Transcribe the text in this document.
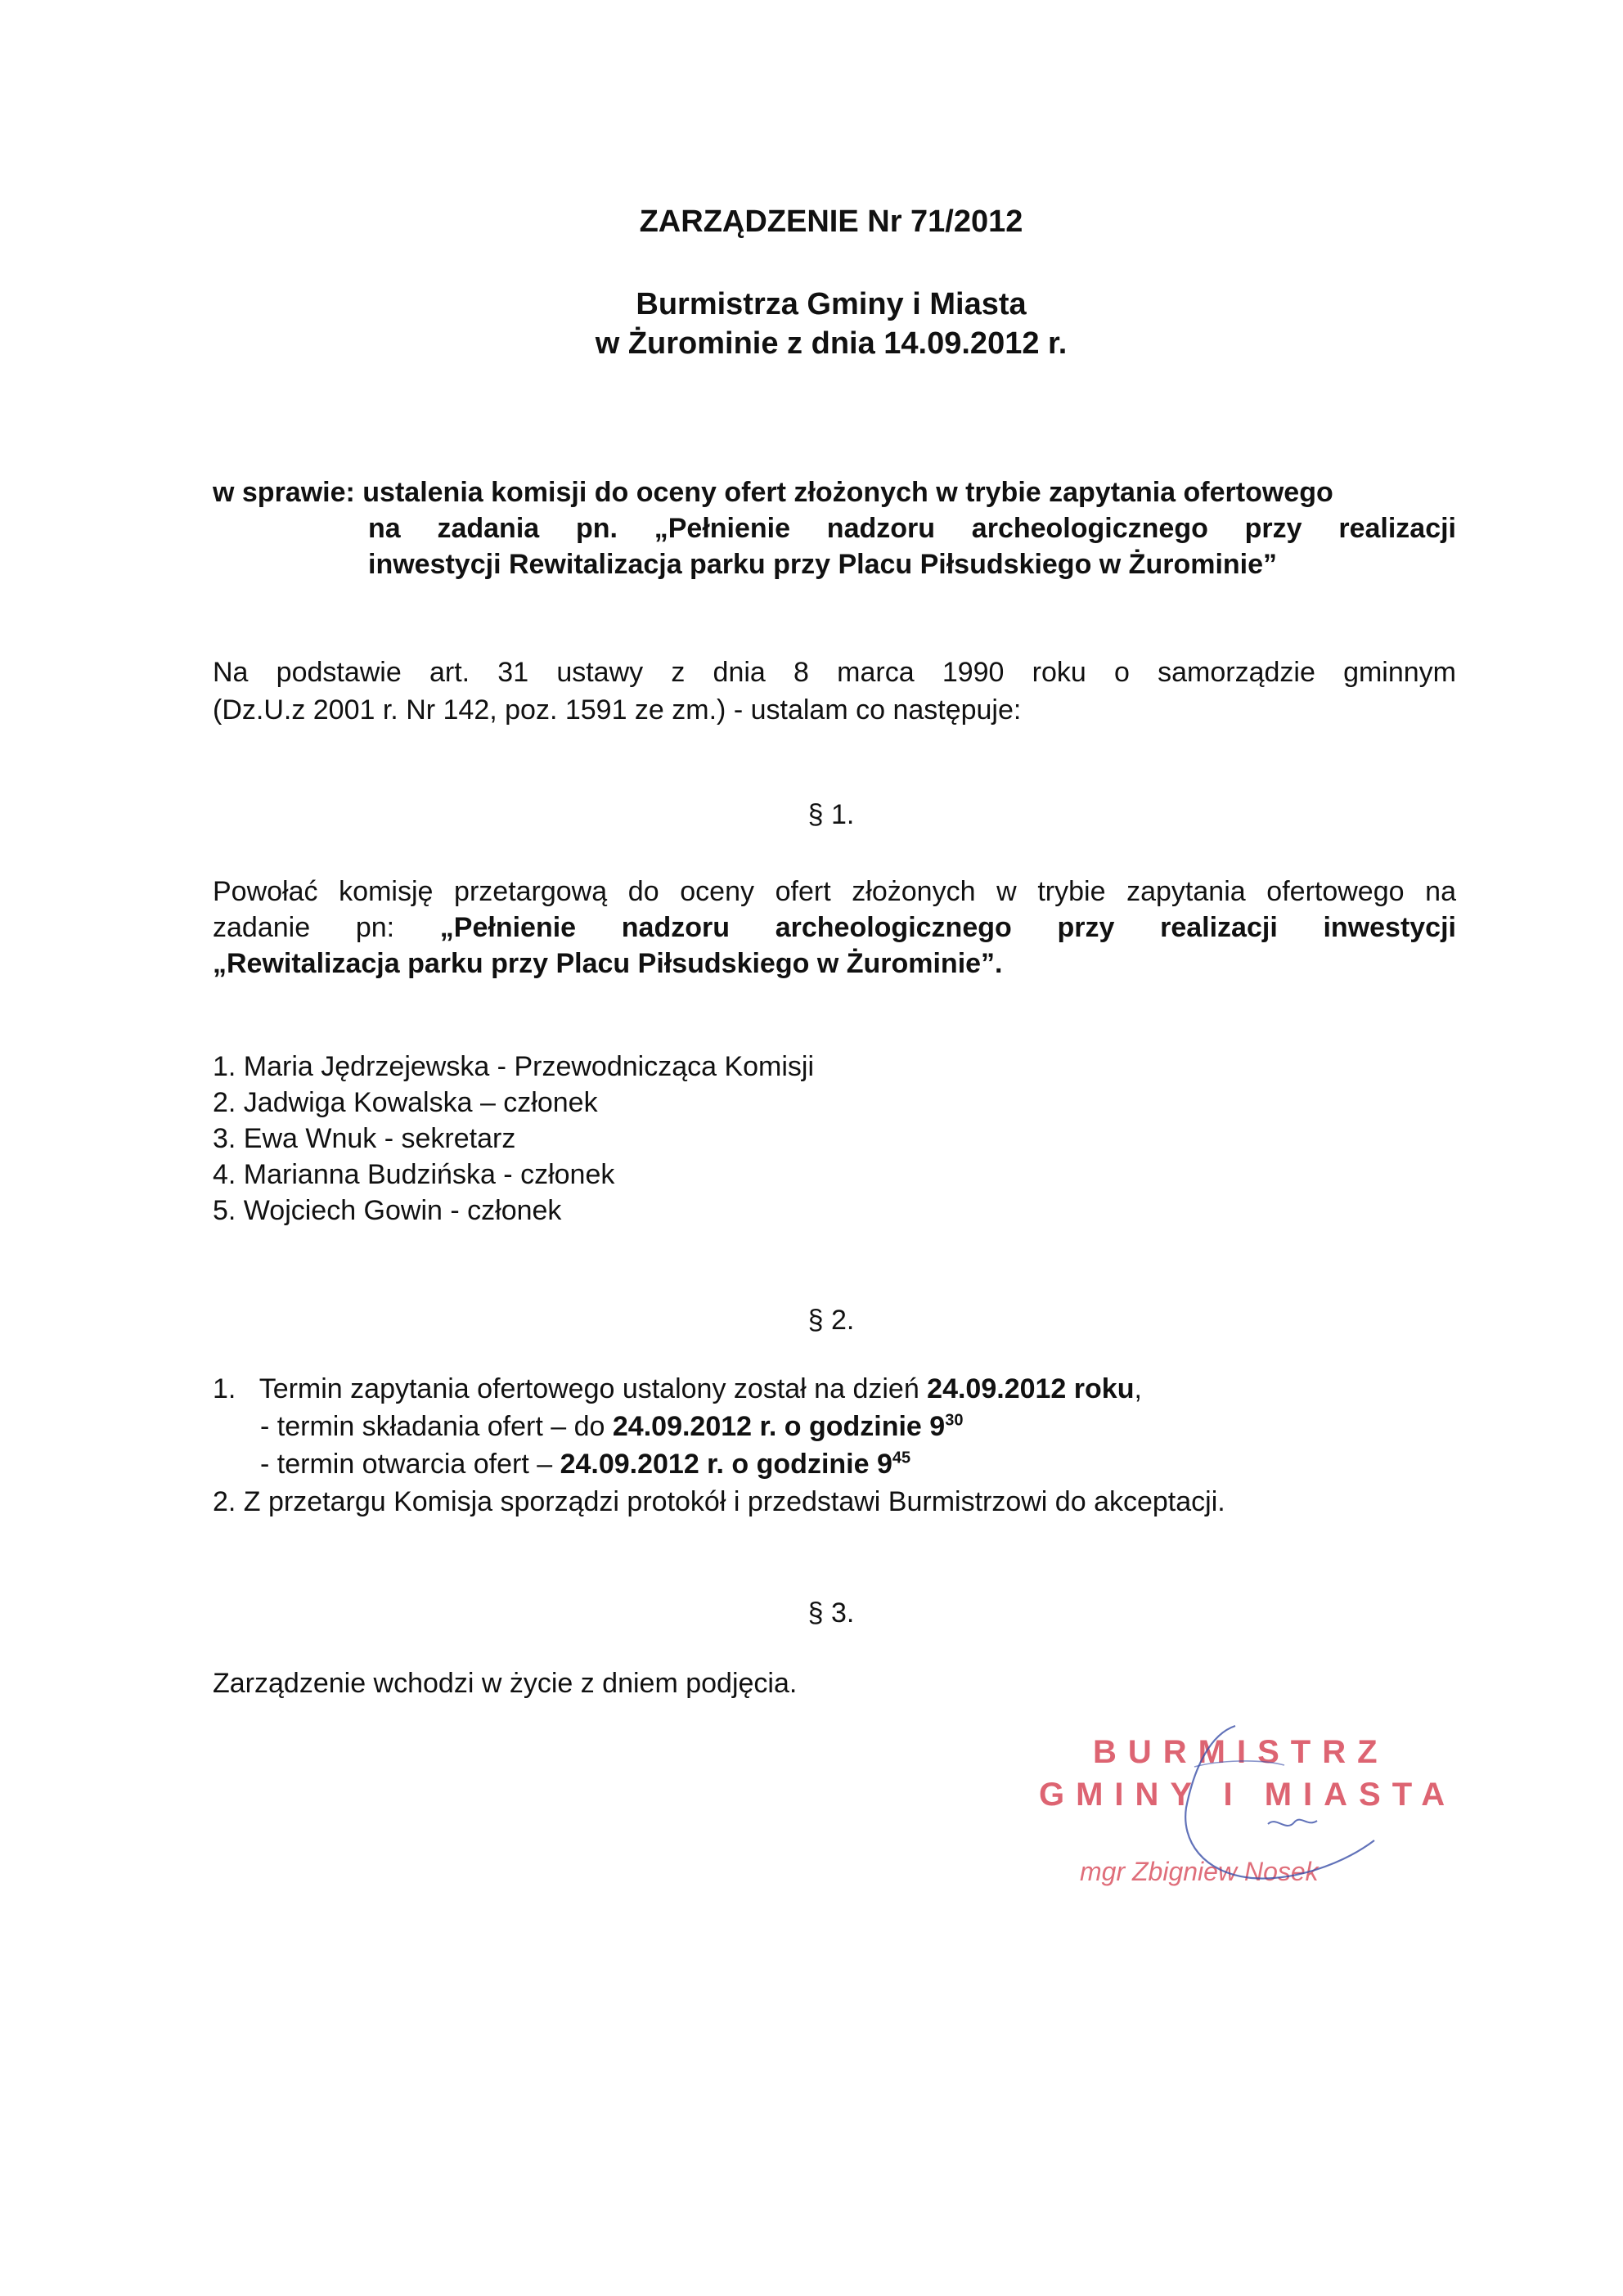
ZARZĄDZENIE Nr 71/2012
Burmistrza Gminy i Miasta
w Żurominie z dnia 14.09.2012 r.
w sprawie: ustalenia komisji do oceny ofert złożonych w trybie zapytania ofertowego
na zadania pn. „Pełnienie nadzoru archeologicznego przy realizacji
inwestycji Rewitalizacja parku przy Placu Piłsudskiego w Żurominie”
Na podstawie art. 31 ustawy z dnia 8 marca 1990 roku o samorządzie gminnym
(Dz.U.z 2001 r. Nr 142, poz. 1591 ze zm.) - ustalam co następuje:
§ 1.
Powołać komisję przetargową do oceny ofert złożonych w trybie zapytania ofertowego na
zadanie pn: „Pełnienie nadzoru archeologicznego przy realizacji inwestycji
„Rewitalizacja parku przy Placu Piłsudskiego w Żurominie”.
1. Maria Jędrzejewska - Przewodnicząca Komisji
2. Jadwiga Kowalska – członek
3. Ewa Wnuk - sekretarz
4. Marianna Budzińska - członek
5. Wojciech Gowin - członek
§ 2.
1. Termin zapytania ofertowego ustalony został na dzień 24.09.2012 roku,
- termin składania ofert – do 24.09.2012 r. o godzinie $9^{30}$
- termin otwarcia ofert – 24.09.2012 r. o godzinie $9^{45}$
2. Z przetargu Komisja sporządzi protokół i przedstawi Burmistrzowi do akceptacji.
§ 3.
Zarządzenie wchodzi w życie z dniem podjęcia.
BURMISTRZ
GMINY I MIASTA
mgr Zbigniew Nosek
